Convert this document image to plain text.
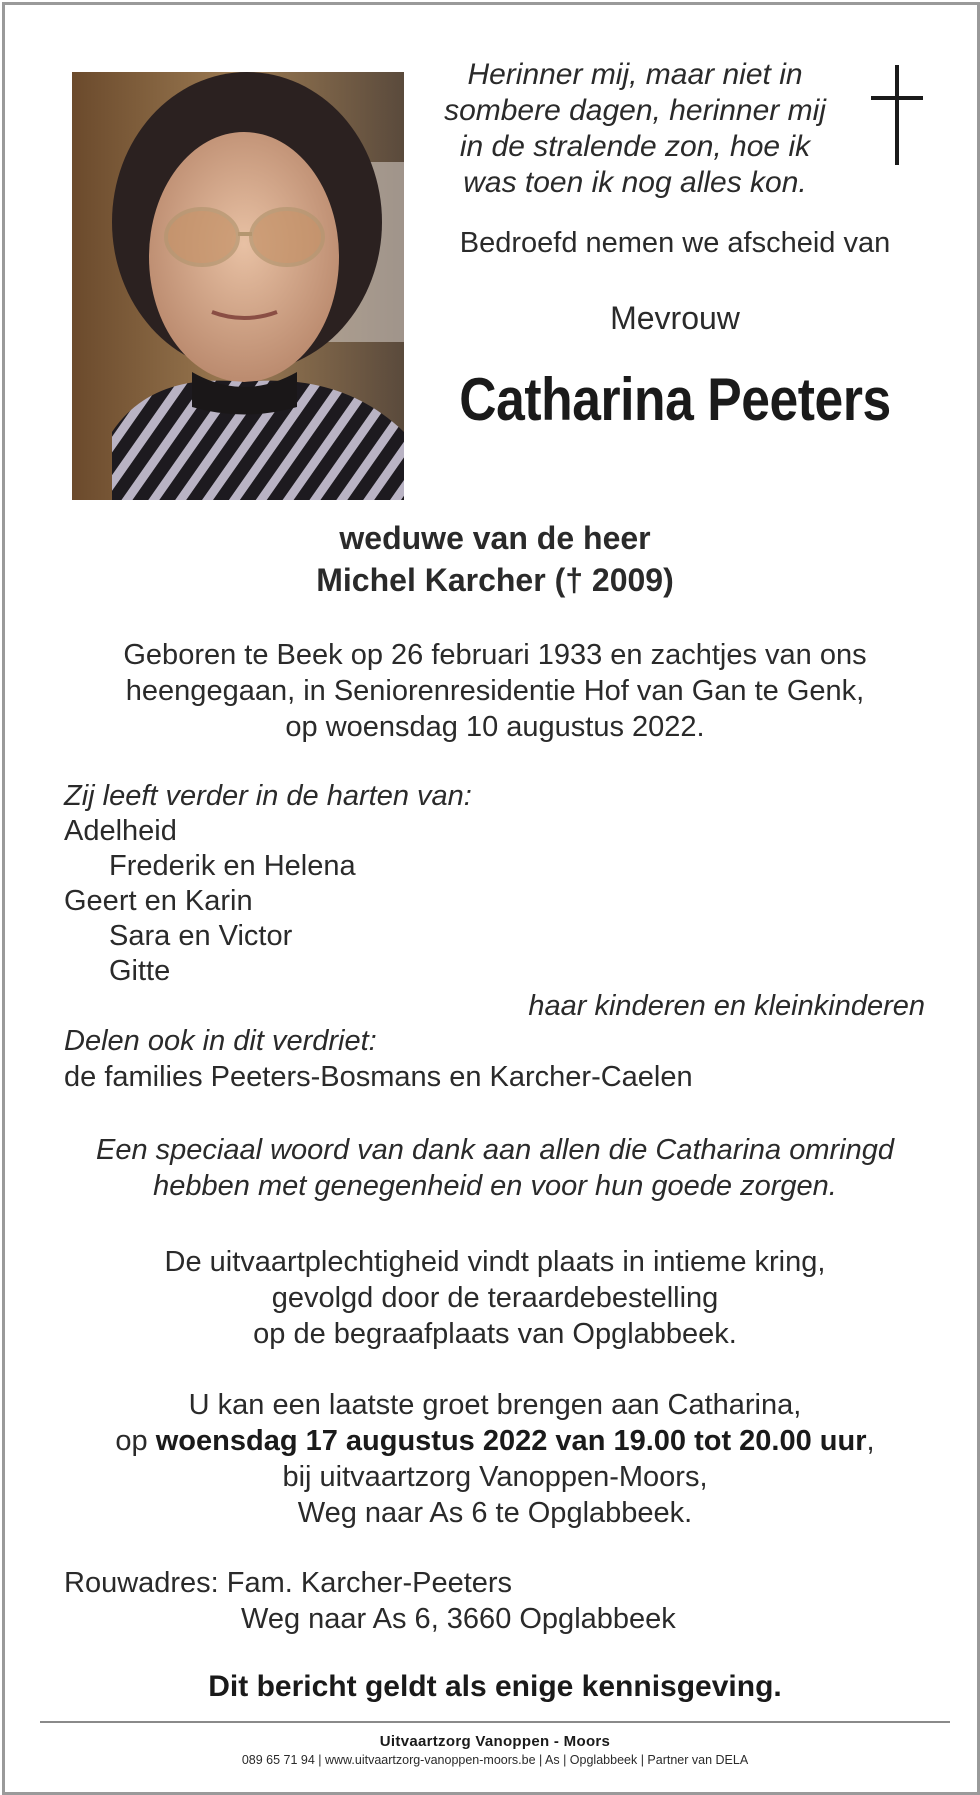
Herinner mij, maar niet in
sombere dagen, herinner mij
in de stralende zon, hoe ik
was toen ik nog alles kon.
Bedroefd nemen we afscheid van
Mevrouw
Catharina Peeters
weduwe van de heer
Michel Karcher († 2009)
Geboren te Beek op 26 februari 1933 en zachtjes van ons
heengegaan, in Seniorenresidentie Hof van Gan te Genk,
op woensdag 10 augustus 2022.
Zij leeft verder in de harten van:
Adelheid
Frederik en Helena
Geert en Karin
Sara en Victor
Gitte
haar kinderen en kleinkinderen
Delen ook in dit verdriet:
de families Peeters-Bosmans en Karcher-Caelen
Een speciaal woord van dank aan allen die Catharina omringd
hebben met genegenheid en voor hun goede zorgen.
De uitvaartplechtigheid vindt plaats in intieme kring,
gevolgd door de teraardebestelling
op de begraafplaats van Opglabbeek.
U kan een laatste groet brengen aan Catharina,
op woensdag 17 augustus 2022 van 19.00 tot 20.00 uur,
bij uitvaartzorg Vanoppen-Moors,
Weg naar As 6 te Opglabbeek.
Rouwadres: Fam. Karcher-Peeters
Weg naar As 6, 3660 Opglabbeek
Dit bericht geldt als enige kennisgeving.
Uitvaartzorg Vanoppen - Moors
089 65 71 94 | www.uitvaartzorg-vanoppen-moors.be | As | Opglabbeek | Partner van DELA
